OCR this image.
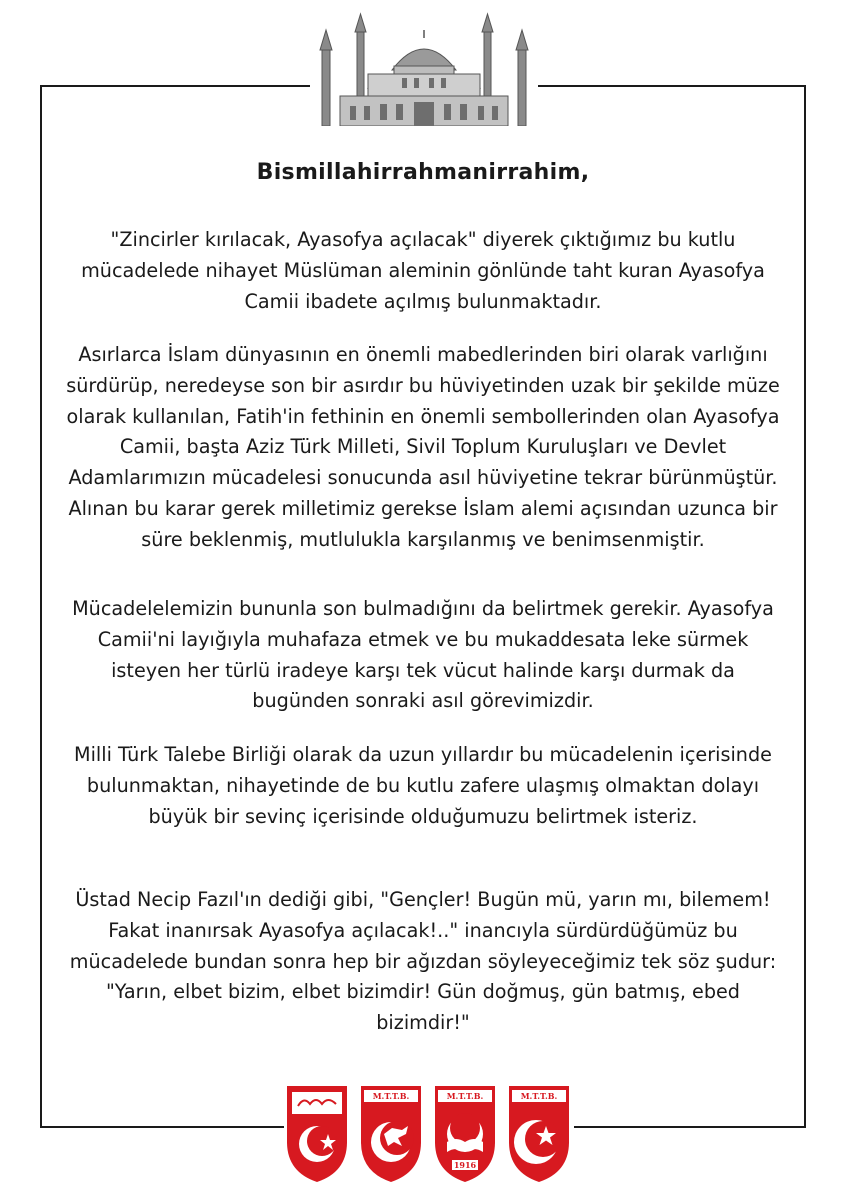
Bismillahirrahmanirrahim,

"Zincirler kırılacak, Ayasofya açılacak" diyerek çıktığımız bu kutlu mücadelede nihayet Müslüman aleminin gönlünde taht kuran Ayasofya Camii ibadete açılmış bulunmaktadır.

Asırlarca İslam dünyasının en önemli mabedlerinden biri olarak varlığını sürdürüp, neredeyse son bir asırdır bu hüviyetinden uzak bir şekilde müze olarak kullanılan, Fatih'in fethinin en önemli sembollerinden olan Ayasofya Camii, başta Aziz Türk Milleti, Sivil Toplum Kuruluşları ve Devlet Adamlarımızın mücadelesi sonucunda asıl hüviyetine tekrar bürünmüştür. Alınan bu karar gerek milletimiz gerekse İslam alemi açısından uzunca bir süre beklenmiş, mutlulukla karşılanmış ve benimsenmiştir.

Mücadelelemizin bununla son bulmadığını da belirtmek gerekir. Ayasofya Camii'ni layığıyla muhafaza etmek ve bu mukaddesata leke sürmek isteyen her türlü iradeye karşı tek vücut halinde karşı durmak da bugünden sonraki asıl görevimizdir.

Milli Türk Talebe Birliği olarak da uzun yıllardır bu mücadelenin içerisinde bulunmaktan, nihayetinde de bu kutlu zafere ulaşmış olmaktan dolayı büyük bir sevinç içerisinde olduğumuzu belirtmek isteriz.

Üstad Necip Fazıl'ın dediği gibi, "Gençler! Bugün mü, yarın mı, bilemem! Fakat inanırsak Ayasofya açılacak!.." inancıyla sürdürdüğümüz bu mücadelede bundan sonra hep bir ağızdan söyleyeceğimiz tek söz şudur: "Yarın, elbet bizim, elbet bizimdir! Gün doğmuş, gün batmış, ebed bizimdir!"

M.T.T.B.	M.T.T.B.
1916
M.T.T.B.
